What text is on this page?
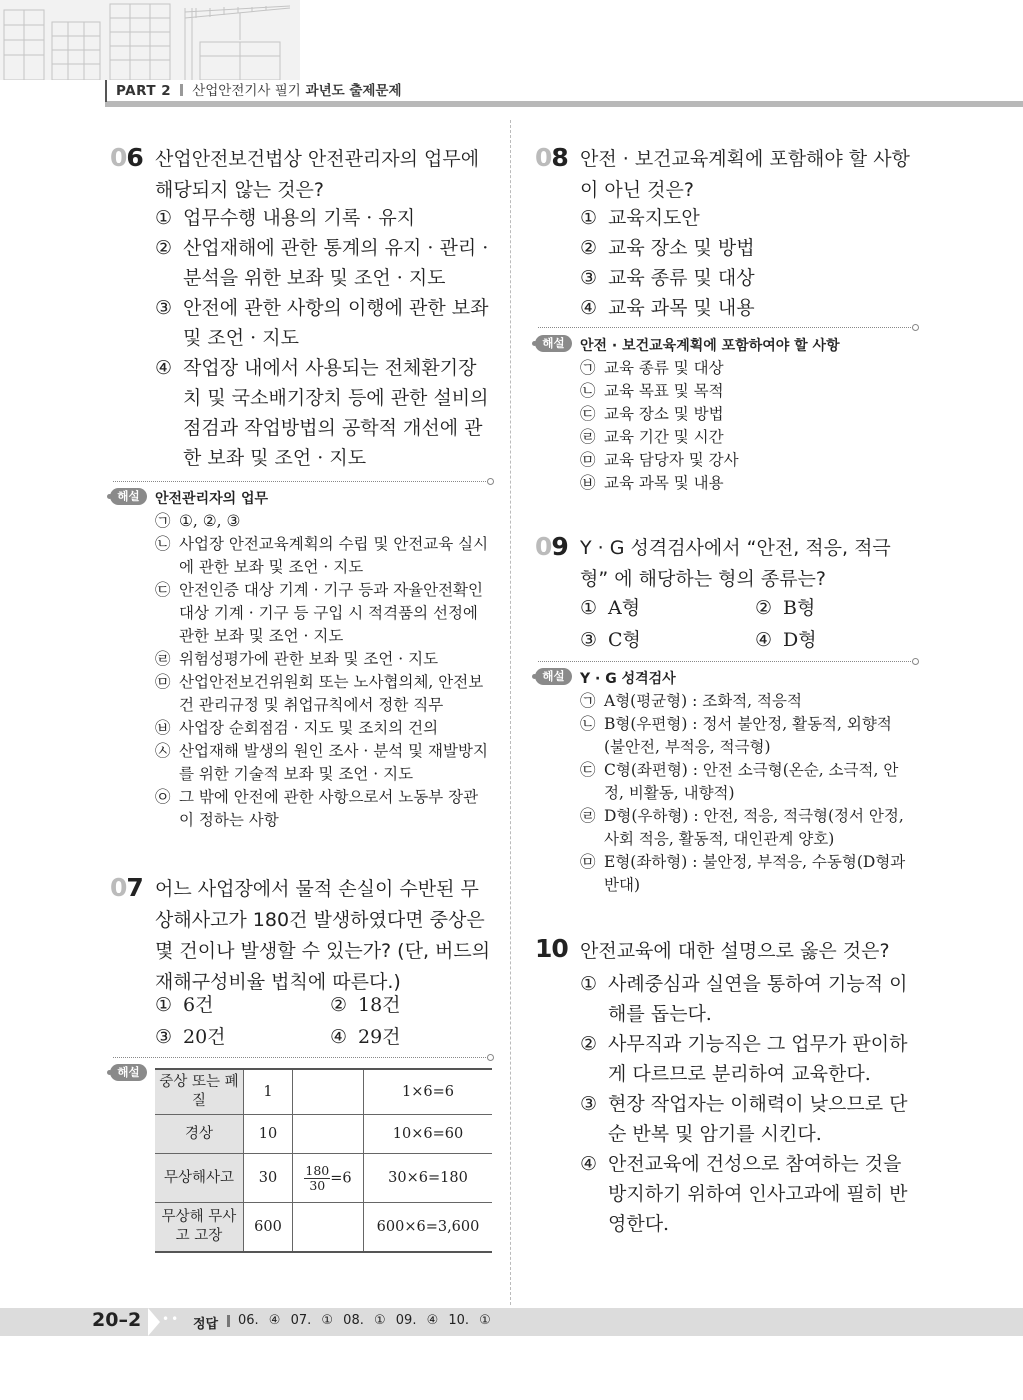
PART 2 산업안전기사 필기 과년도 출제문제
06 산업안전보건법상 안전관리자의 업무에 해당되지 않는 것은?
① 업무수행 내용의 기록 · 유지
② 산업재해에 관한 통계의 유지 · 관리 · 분석을 위한 보좌 및 조언 · 지도
③ 안전에 관한 사항의 이행에 관한 보좌 및 조언 · 지도
④ 작업장 내에서 사용되는 전체환기장치 및 국소배기장치 등에 관한 설비의 점검과 작업방법의 공학적 개선에 관한 보좌 및 조언 · 지도
해설	안전관리자의 업무
㉠ ①, ②, ③
㉡ 사업장 안전교육계획의 수립 및 안전교육 실시에 관한 보좌 및 조언 · 지도
㉢ 안전인증 대상 기계 · 기구 등과 자율안전확인 대상 기계 · 기구 등 구입 시 적격품의 선정에 관한 보좌 및 조언 · 지도
㉣ 위험성평가에 관한 보좌 및 조언 · 지도
㉤ 산업안전보건위원회 또는 노사협의체, 안전보건 관리규정 및 취업규칙에서 정한 직무
㉥ 사업장 순회점검 · 지도 및 조치의 건의
㉦ 산업재해 발생의 원인 조사 · 분석 및 재발방지를 위한 기술적 보좌 및 조언 · 지도
㉧ 그 밖에 안전에 관한 사항으로서 노동부 장관이 정하는 사항
07 어느 사업장에서 물적 손실이 수반된 무상해사고가 180건 발생하였다면 중상은 몇 건이나 발생할 수 있는가? (단, 버드의 재해구성비율 법칙에 따른다.)
① 6건	② 18건
③ 20건	④ 29건
해설
중상 또는 폐질	1		1×6=6
경상	10		10×6=60
무상해사고	30	$\frac{180}{30} =6$	30×6=180
무상해 무사고 고장	600		600×6=3,600
08 안전 · 보건교육계획에 포함해야 할 사항이 아닌 것은?
① 교육지도안
② 교육 장소 및 방법
③ 교육 종류 및 대상
④ 교육 과목 및 내용
해설	안전 · 보건교육계획에 포함하여야 할 사항
㉠ 교육 종류 및 대상
㉡ 교육 목표 및 목적
㉢ 교육 장소 및 방법
㉣ 교육 기간 및 시간
㉤ 교육 담당자 및 강사
㉥ 교육 과목 및 내용
09 Y · G 성격검사에서 “안전, 적응, 적극형” 에 해당하는 형의 종류는?
① A형	② B형
③ C형	④ D형
해설	Y · G 성격검사
㉠ A형(평균형) : 조화적, 적응적
㉡ B형(우편형) : 정서 불안정, 활동적, 외향적 (불안전, 부적응, 적극형)
㉢ C형(좌편형) : 안전 소극형(온순, 소극적, 안정, 비활동, 내향적)
㉣ D형(우하형) : 안전, 적응, 적극형(정서 안정, 사회 적응, 활동적, 대인관계 양호)
㉤ E형(좌하형) : 불안정, 부적응, 수동형(D형과 반대)
10 안전교육에 대한 설명으로 옳은 것은?
① 사례중심과 실연을 통하여 기능적 이해를 돕는다.
② 사무직과 기능직은 그 업무가 판이하게 다르므로 분리하여 교육한다.
③ 현장 작업자는 이해력이 낮으므로 단순 반복 및 암기를 시킨다.
④ 안전교육에 건성으로 참여하는 것을 방지하기 위하여 인사고과에 필히 반영한다.
20–2 •• 정답 06. ④ 07. ① 08. ① 09. ④ 10. ①
